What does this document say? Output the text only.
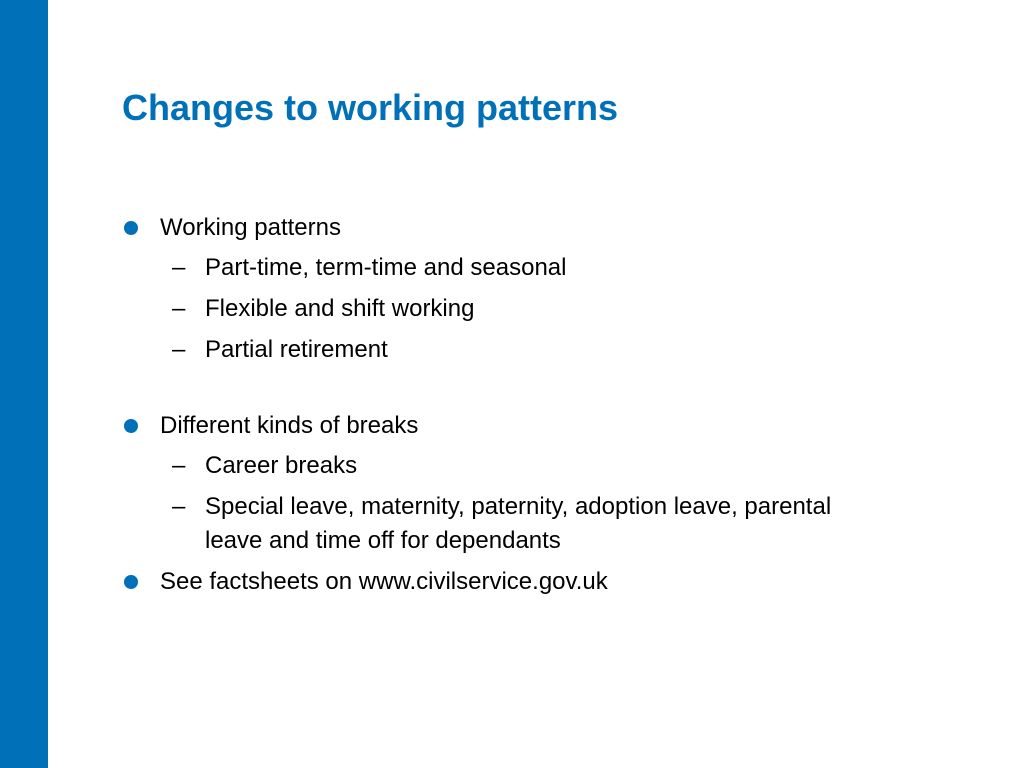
Changes to working patterns
Working patterns
– Part-time, term-time and seasonal
– Flexible and shift working
– Partial retirement
Different kinds of breaks
– Career breaks
– Special leave, maternity, paternity, adoption leave, parental leave and time off for dependants
See factsheets on www.civilservice.gov.uk
